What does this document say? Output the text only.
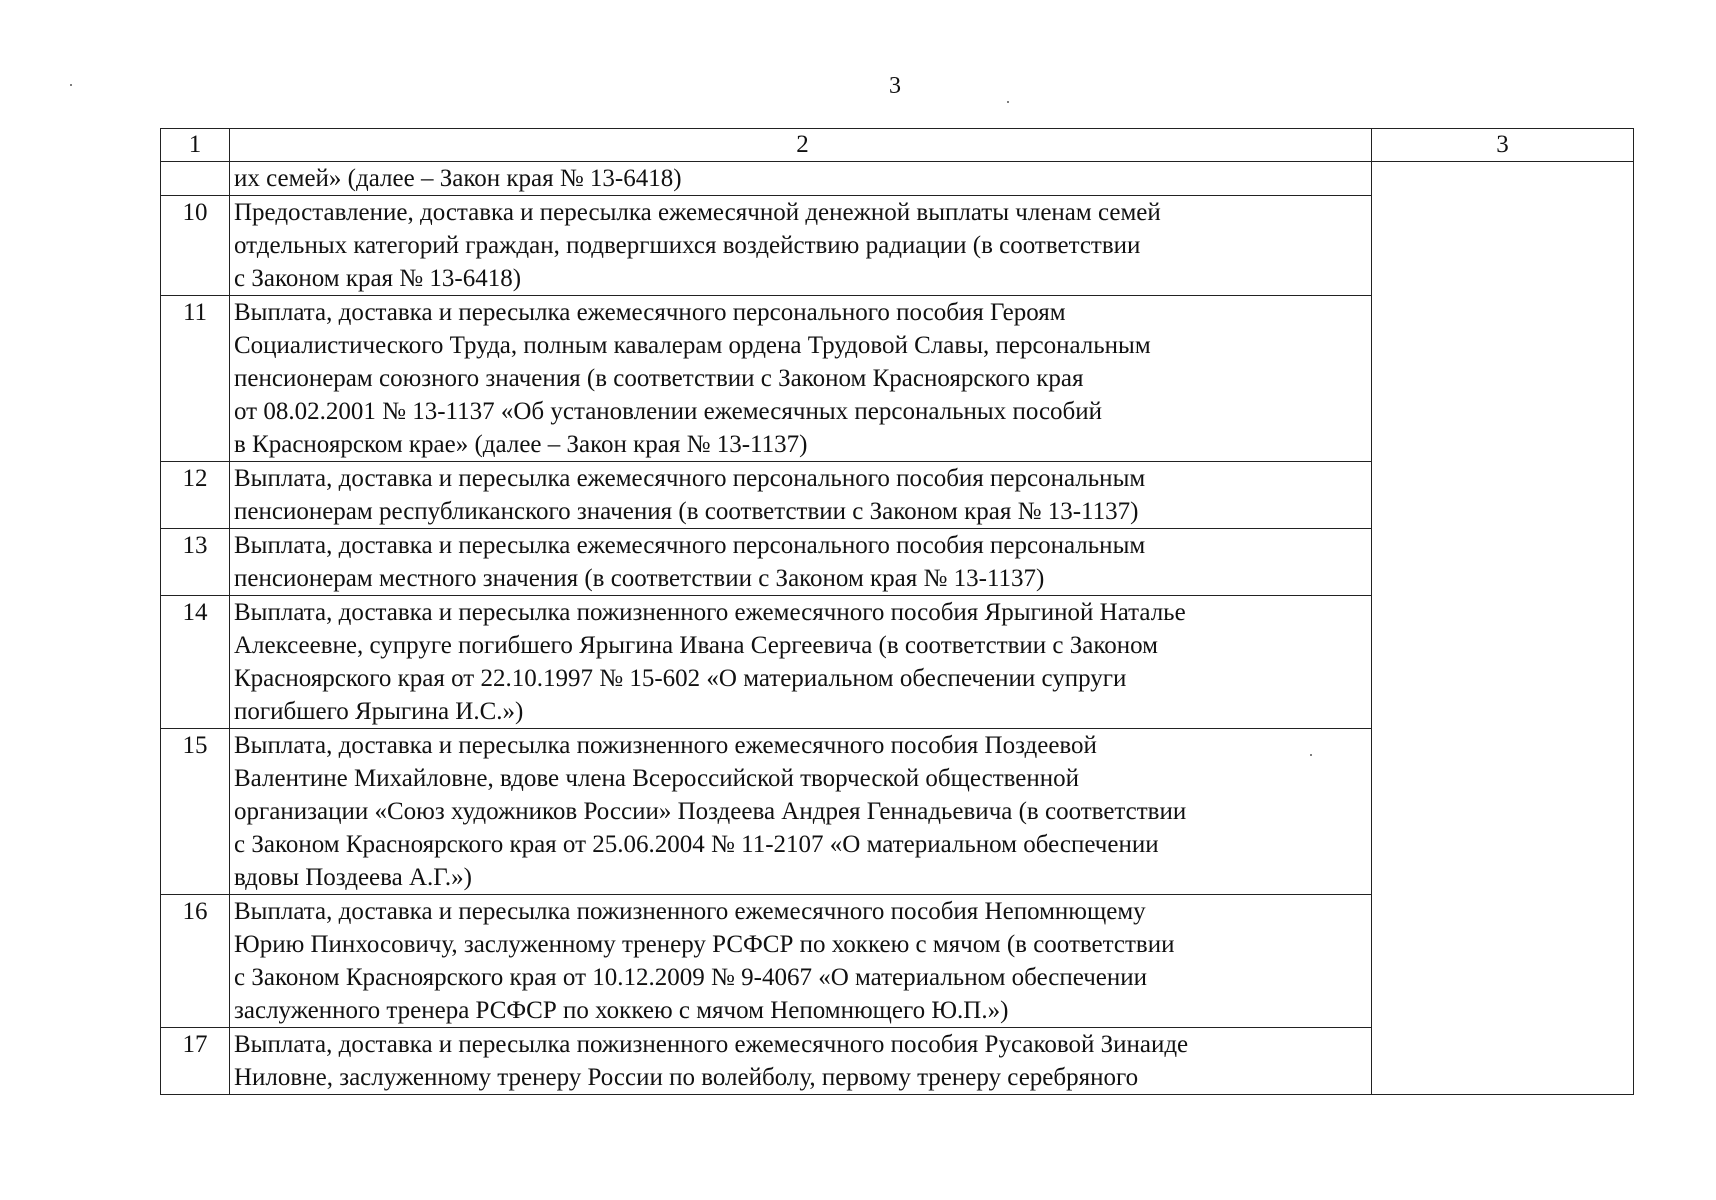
3
1	2	3

	их семей» (далее – Закон края № 13-6418)	

10	Предоставление, доставка и пересылка ежемесячной денежной выплаты членам семей
отдельных категорий граждан, подвергшихся воздействию радиации (в соответствии
с Законом края № 13-6418)	

11	Выплата, доставка и пересылка ежемесячного персонального пособия Героям
Социалистического Труда, полным кавалерам ордена Трудовой Славы, персональным
пенсионерам союзного значения (в соответствии с Законом Красноярского края
от 08.02.2001 № 13-1137 «Об установлении ежемесячных персональных пособий
в Красноярском крае» (далее – Закон края № 13-1137)	

12	Выплата, доставка и пересылка ежемесячного персонального пособия персональным
пенсионерам республиканского значения (в соответствии с Законом края № 13-1137)	

13	Выплата, доставка и пересылка ежемесячного персонального пособия персональным
пенсионерам местного значения (в соответствии с Законом края № 13-1137)	

14	Выплата, доставка и пересылка пожизненного ежемесячного пособия Ярыгиной Наталье
Алексеевне, супруге погибшего Ярыгина Ивана Сергеевича (в соответствии с Законом
Красноярского края от 22.10.1997 № 15-602 «О материальном обеспечении супруги
погибшего Ярыгина И.С.»)	

15	Выплата, доставка и пересылка пожизненного ежемесячного пособия Поздеевой
Валентине Михайловне, вдове члена Всероссийской творческой общественной
организации «Союз художников России» Поздеева Андрея Геннадьевича (в соответствии
с Законом Красноярского края от 25.06.2004 № 11-2107 «О материальном обеспечении
вдовы Поздеева А.Г.»)	

16	Выплата, доставка и пересылка пожизненного ежемесячного пособия Непомнющему
Юрию Пинхосовичу, заслуженному тренеру РСФСР по хоккею с мячом (в соответствии
с Законом Красноярского края от 10.12.2009 № 9-4067 «О материальном обеспечении
заслуженного тренера РСФСР по хоккею с мячом Непомнющего Ю.П.»)	

17	Выплата, доставка и пересылка пожизненного ежемесячного пособия Русаковой Зинаиде
Ниловне, заслуженному тренеру России по волейболу, первому тренеру серебряного	
